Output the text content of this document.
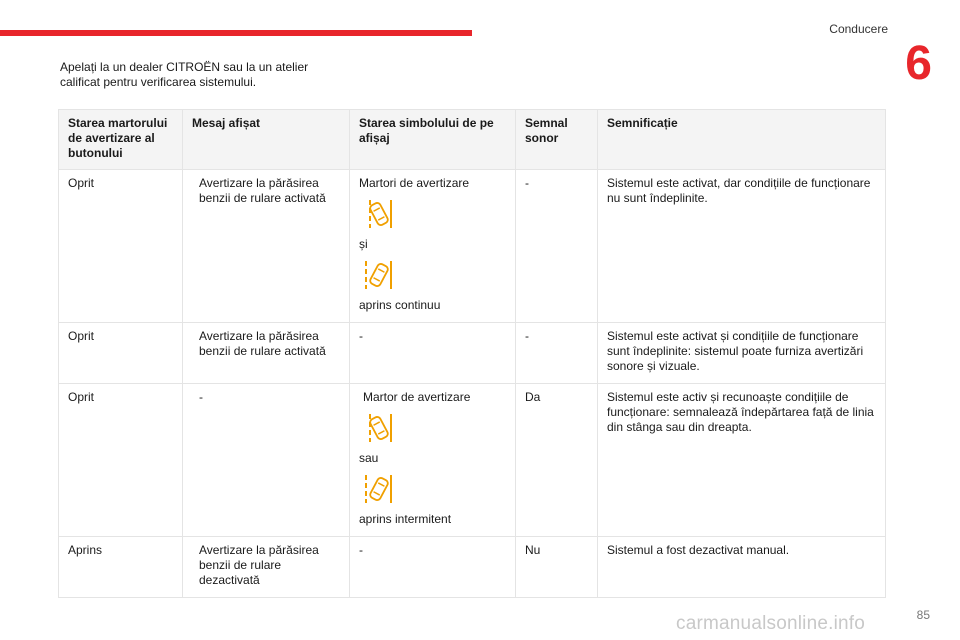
Conducere
6
Apelați la un dealer CITROËN sau la un atelier calificat pentru verificarea sistemului.
Starea martorului de avertizare al butonului	Mesaj afișat	Starea simbolului de pe afișaj	Semnal sonor	Semnificație
Oprit	Avertizare la părăsirea benzii de rulare activată	Martori de avertizare
și
aprins continuu	-	Sistemul este activat, dar condițiile de funcționare nu sunt îndeplinite.
Oprit	Avertizare la părăsirea benzii de rulare activată	-	-	Sistemul este activat și condițiile de funcționare sunt îndeplinite: sistemul poate furniza avertizări sonore și vizuale.
Oprit	-	Martor de avertizare
sau
aprins intermitent	Da	Sistemul este activ și recunoaște condițiile de funcționare: semnalează îndepărtarea față de linia din stânga sau din dreapta.
Aprins	Avertizare la părăsirea benzii de rulare dezactivată	-	Nu	Sistemul a fost dezactivat manual.
85
carmanualsonline.info
